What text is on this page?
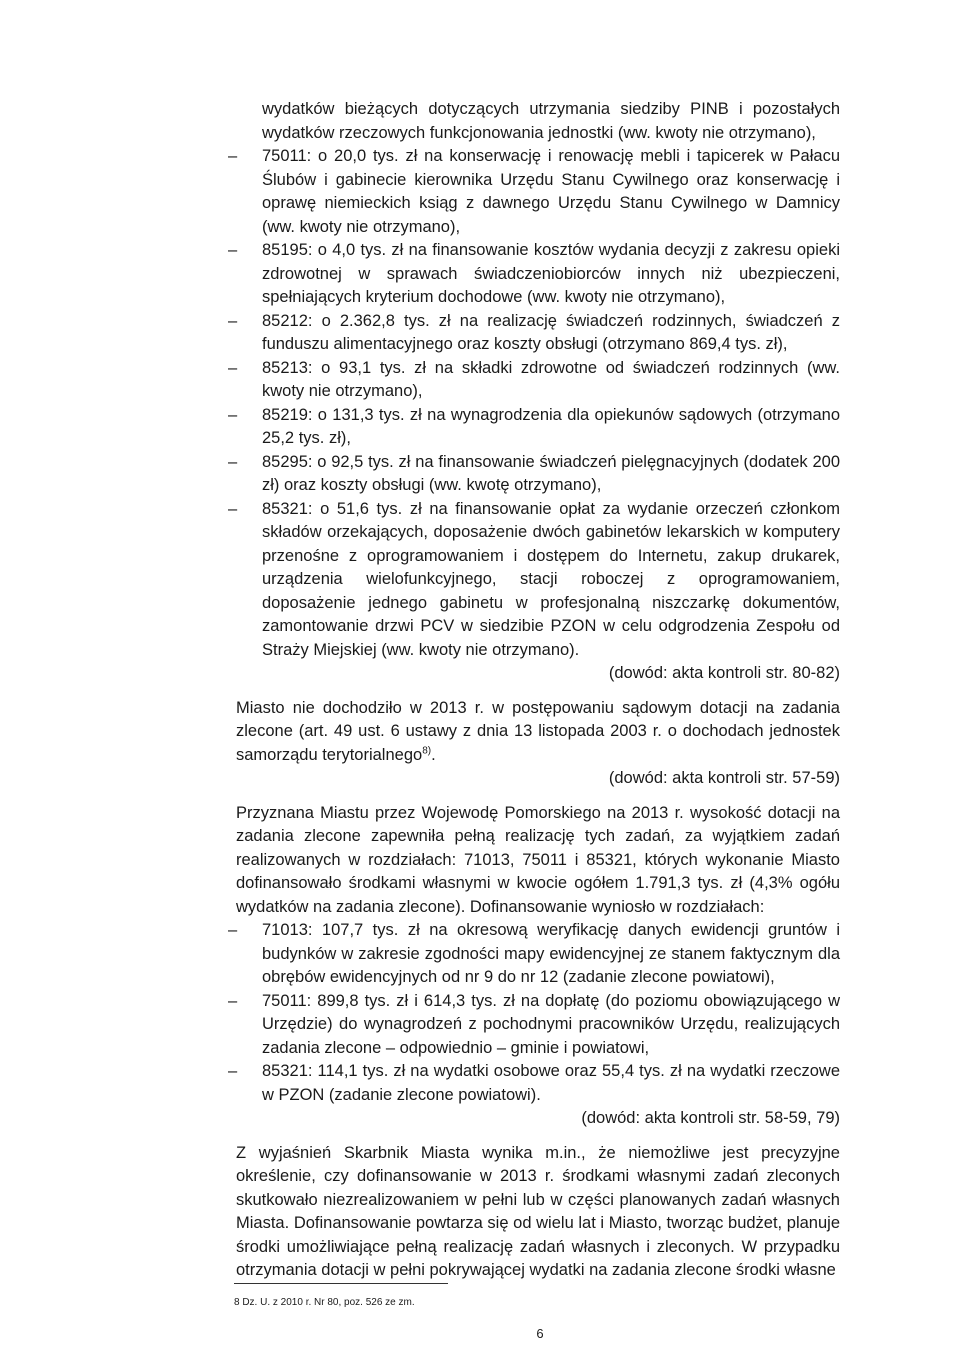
wydatków bieżących dotyczących utrzymania siedziby PINB i pozostałych wydatków rzeczowych funkcjonowania jednostki (ww. kwoty nie otrzymano),
– 75011: o 20,0 tys. zł na konserwację i renowację mebli i tapicerek w Pałacu Ślubów i gabinecie kierownika Urzędu Stanu Cywilnego oraz konserwację i oprawę niemieckich ksiąg z dawnego Urzędu Stanu Cywilnego w Damnicy (ww. kwoty nie otrzymano),
– 85195: o 4,0 tys. zł na finansowanie kosztów wydania decyzji z zakresu opieki zdrowotnej w sprawach świadczeniobiorców innych niż ubezpieczeni, spełniających kryterium dochodowe (ww. kwoty nie otrzymano),
– 85212: o 2.362,8 tys. zł na realizację świadczeń rodzinnych, świadczeń z funduszu alimentacyjnego oraz koszty obsługi (otrzymano 869,4 tys. zł),
– 85213: o 93,1 tys. zł na składki zdrowotne od świadczeń rodzinnych (ww. kwoty nie otrzymano),
– 85219: o 131,3 tys. zł na wynagrodzenia dla opiekunów sądowych (otrzymano 25,2 tys. zł),
– 85295: o 92,5 tys. zł na finansowanie świadczeń pielęgnacyjnych (dodatek 200 zł) oraz koszty obsługi (ww. kwotę otrzymano),
– 85321: o 51,6 tys. zł na finansowanie opłat za wydanie orzeczeń członkom składów orzekających, doposażenie dwóch gabinetów lekarskich w komputery przenośne z oprogramowaniem i dostępem do Internetu, zakup drukarek, urządzenia wielofunkcyjnego, stacji roboczej z oprogramowaniem, doposażenie jednego gabinetu w profesjonalną niszczarkę dokumentów, zamontowanie drzwi PCV w siedzibie PZON w celu odgrodzenia Zespołu od Straży Miejskiej (ww. kwoty nie otrzymano).
(dowód: akta kontroli str. 80-82)
Miasto nie dochodziło w 2013 r. w postępowaniu sądowym dotacji na zadania zlecone (art. 49 ust. 6 ustawy z dnia 13 listopada 2003 r. o dochodach jednostek samorządu terytorialnego$^{8)}$.
(dowód: akta kontroli str. 57-59)
Przyznana Miastu przez Wojewodę Pomorskiego na 2013 r. wysokość dotacji na zadania zlecone zapewniła pełną realizację tych zadań, za wyjątkiem zadań realizowanych w rozdziałach: 71013, 75011 i 85321, których wykonanie Miasto dofinansowało środkami własnymi w kwocie ogółem 1.791,3 tys. zł (4,3% ogółu wydatków na zadania zlecone). Dofinansowanie wyniosło w rozdziałach:
– 71013: 107,7 tys. zł na okresową weryfikację danych ewidencji gruntów i budynków w zakresie zgodności mapy ewidencyjnej ze stanem faktycznym dla obrębów ewidencyjnych od nr 9 do nr 12 (zadanie zlecone powiatowi),
– 75011: 899,8 tys. zł i 614,3 tys. zł na dopłatę (do poziomu obowiązującego w Urzędzie) do wynagrodzeń z pochodnymi pracowników Urzędu, realizujących zadania zlecone – odpowiednio – gminie i powiatowi,
– 85321: 114,1 tys. zł na wydatki osobowe oraz 55,4 tys. zł na wydatki rzeczowe w PZON (zadanie zlecone powiatowi).
(dowód: akta kontroli str. 58-59, 79)
Z wyjaśnień Skarbnik Miasta wynika m.in., że niemożliwe jest precyzyjne określenie, czy dofinansowanie w 2013 r. środkami własnymi zadań zleconych skutkowało niezrealizowaniem w pełni lub w części planowanych zadań własnych Miasta. Dofinansowanie powtarza się od wielu lat i Miasto, tworząc budżet, planuje środki umożliwiające pełną realizację zadań własnych i zleconych. W przypadku otrzymania dotacji w pełni pokrywającej wydatki na zadania zlecone środki własne
8 Dz. U. z 2010 r. Nr 80, poz. 526 ze zm.
6
